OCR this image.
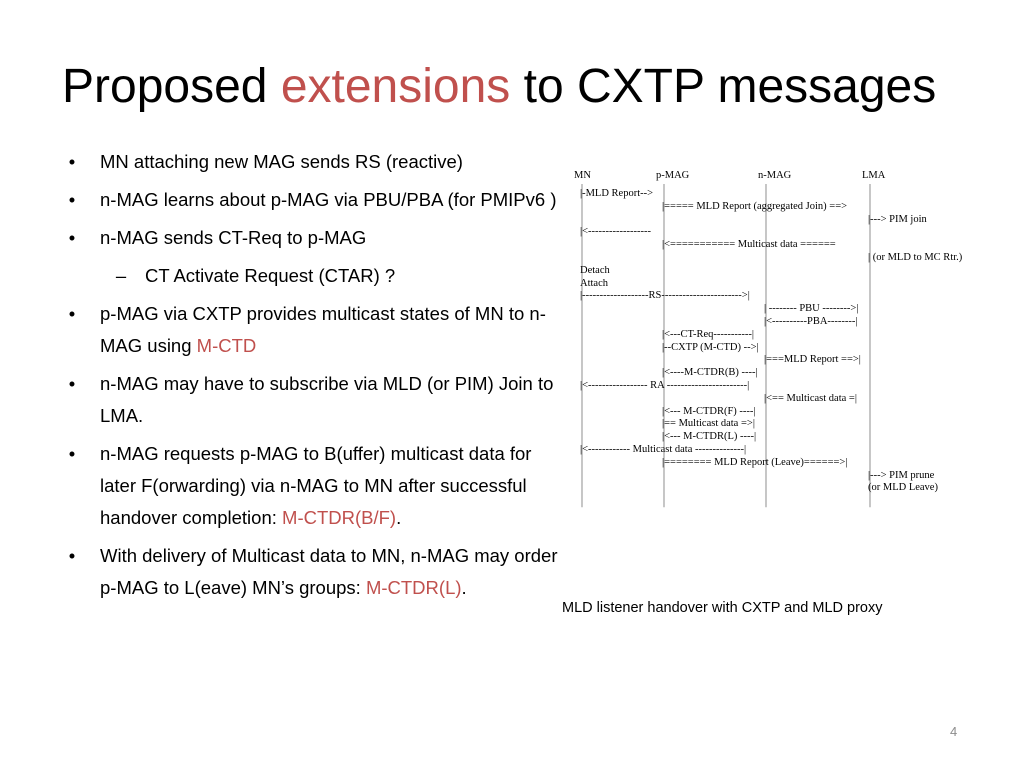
Proposed extensions to CXTP messages
•	MN attaching new MAG sends RS (reactive)
•	n-MAG learns about p-MAG via PBU/PBA (for PMIPv6 )
•	n-MAG sends CT-Req to p-MAG
–	CT Activate Request (CTAR) ?
•	p-MAG via CXTP provides multicast states of MN to n-MAG using M-CTD
•	n-MAG may have to subscribe via MLD (or PIM) Join to LMA.
•	n-MAG requests p-MAG to B(uffer) multicast data for later F(orwarding) via n-MAG to MN after successful handover completion: M-CTDR(B/F).
•	With delivery of Multicast data to MN, n-MAG may order p-MAG to L(eave) MN’s groups: M-CTDR(L).
MN	p-MAG	n-MAG	LMA
|-MLD Report-->
|===== MLD Report (aggregated Join) ==>
|---> PIM join
|<------------------
|<=========== Multicast data ======
| (or MLD to MC Rtr.)
Detach
Attach
|-------------------RS----------------------->|
| -------- PBU -------->|
|<----------PBA--------|
|<---CT-Req-----------|
|--CXTP (M-CTD) -->|
|===MLD Report ==>|
|<----M-CTDR(B) ----|
|<----------------- RA -----------------------|
|<== Multicast data =|
|<--- M-CTDR(F) ----|
|== Multicast data =>|
|<--- M-CTDR(L) ----|
|<------------ Multicast data --------------|
|======== MLD Report (Leave)======>|
|---> PIM prune
(or MLD Leave)
MLD listener handover with CXTP and MLD proxy
4
